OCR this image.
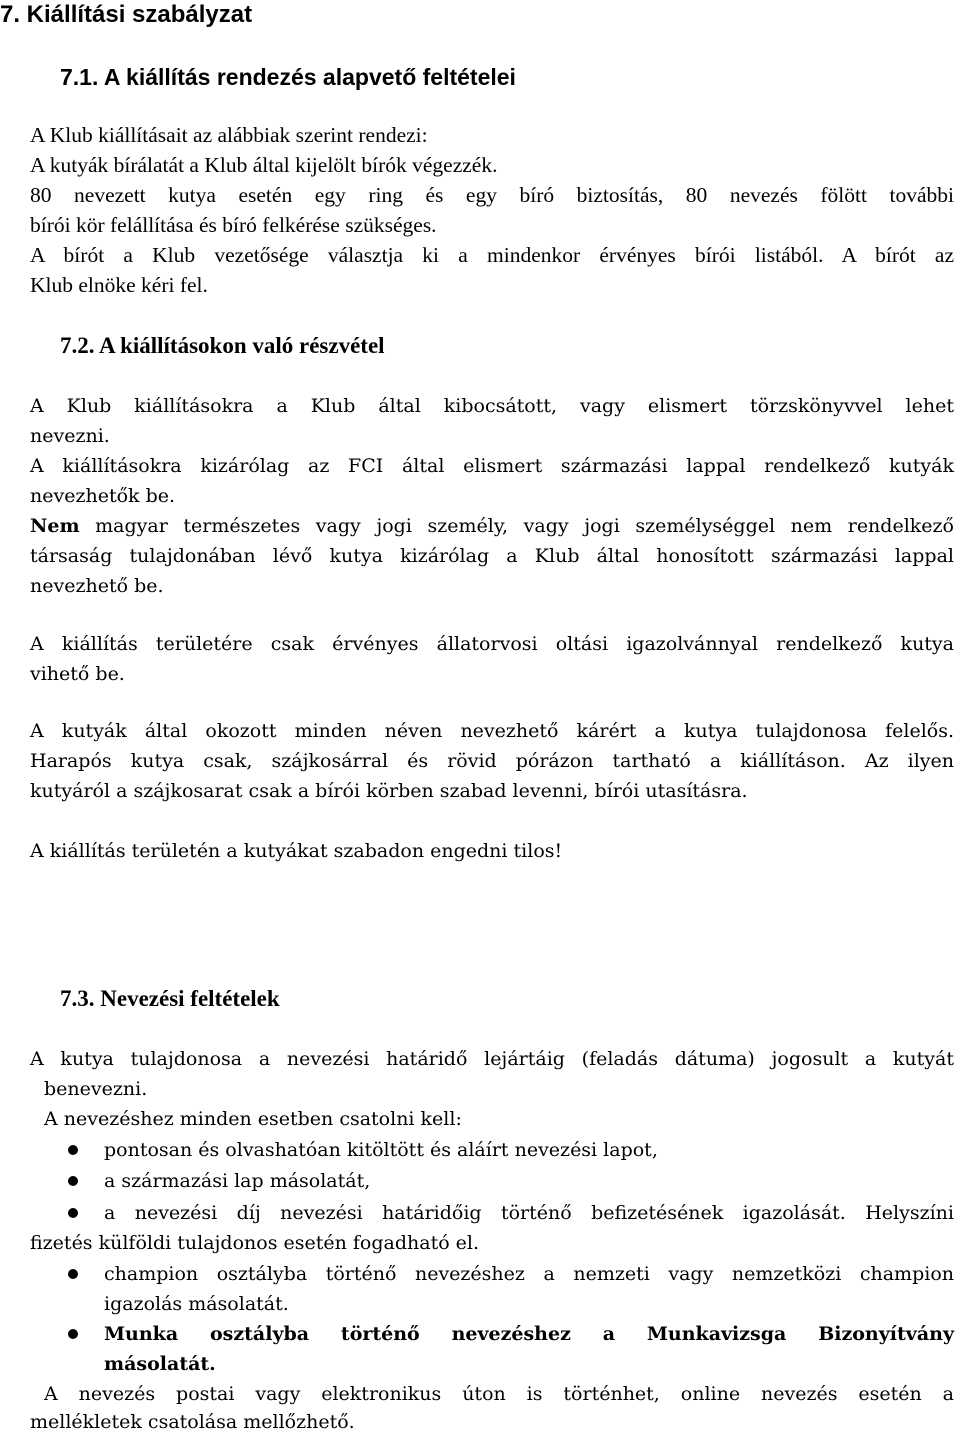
7. Kiállítási szabályzat
7.1. A kiállítás rendezés alapvető feltételei
A Klub kiállításait az alábbiak szerint rendezi:
A kutyák bírálatát a Klub által kijelölt bírók végezzék.
80 nevezett kutya esetén egy ring és egy bíró biztosítás, 80 nevezés fölött további
bírói kör felállítása és bíró felkérése szükséges.
A bírót a Klub vezetősége választja ki a mindenkor érvényes bírói listából. A bírót az
Klub elnöke kéri fel.
7.2. A kiállításokon való részvétel
A Klub kiállításokra a Klub által kibocsátott, vagy elismert törzskönyvvel lehet
nevezni.
A kiállításokra kizárólag az FCI által elismert származási lappal rendelkező kutyák
nevezhetők be.
Nem magyar természetes vagy jogi személy, vagy jogi személységgel nem rendelkező
társaság tulajdonában lévő kutya kizárólag a Klub által honosított származási lappal
nevezhető be.
A kiállítás területére csak érvényes állatorvosi oltási igazolvánnyal rendelkező kutya
vihető be.
A kutyák által okozott minden néven nevezhető kárért a kutya tulajdonosa felelős.
Harapós kutya csak, szájkosárral és rövid pórázon tartható a kiállításon. Az ilyen
kutyáról a szájkosarat csak a bírói körben szabad levenni, bírói utasításra.
A kiállítás területén a kutyákat szabadon engedni tilos!
7.3. Nevezési feltételek
A kutya tulajdonosa a nevezési határidő lejártáig (feladás dátuma) jogosult a kutyát
benevezni.
A nevezéshez minden esetben csatolni kell:
pontosan és olvashatóan kitöltött és aláírt nevezési lapot,
a származási lap másolatát,
a nevezési díj nevezési határidőig történő befizetésének igazolását. Helyszíni
fizetés külföldi tulajdonos esetén fogadható el.
champion osztályba történő nevezéshez a nemzeti vagy nemzetközi champion
igazolás másolatát.
Munka osztályba történő nevezéshez a Munkavizsga Bizonyítvány
másolatát.
A nevezés postai vagy elektronikus úton is történhet, online nevezés esetén a
mellékletek csatolása mellőzhető.
